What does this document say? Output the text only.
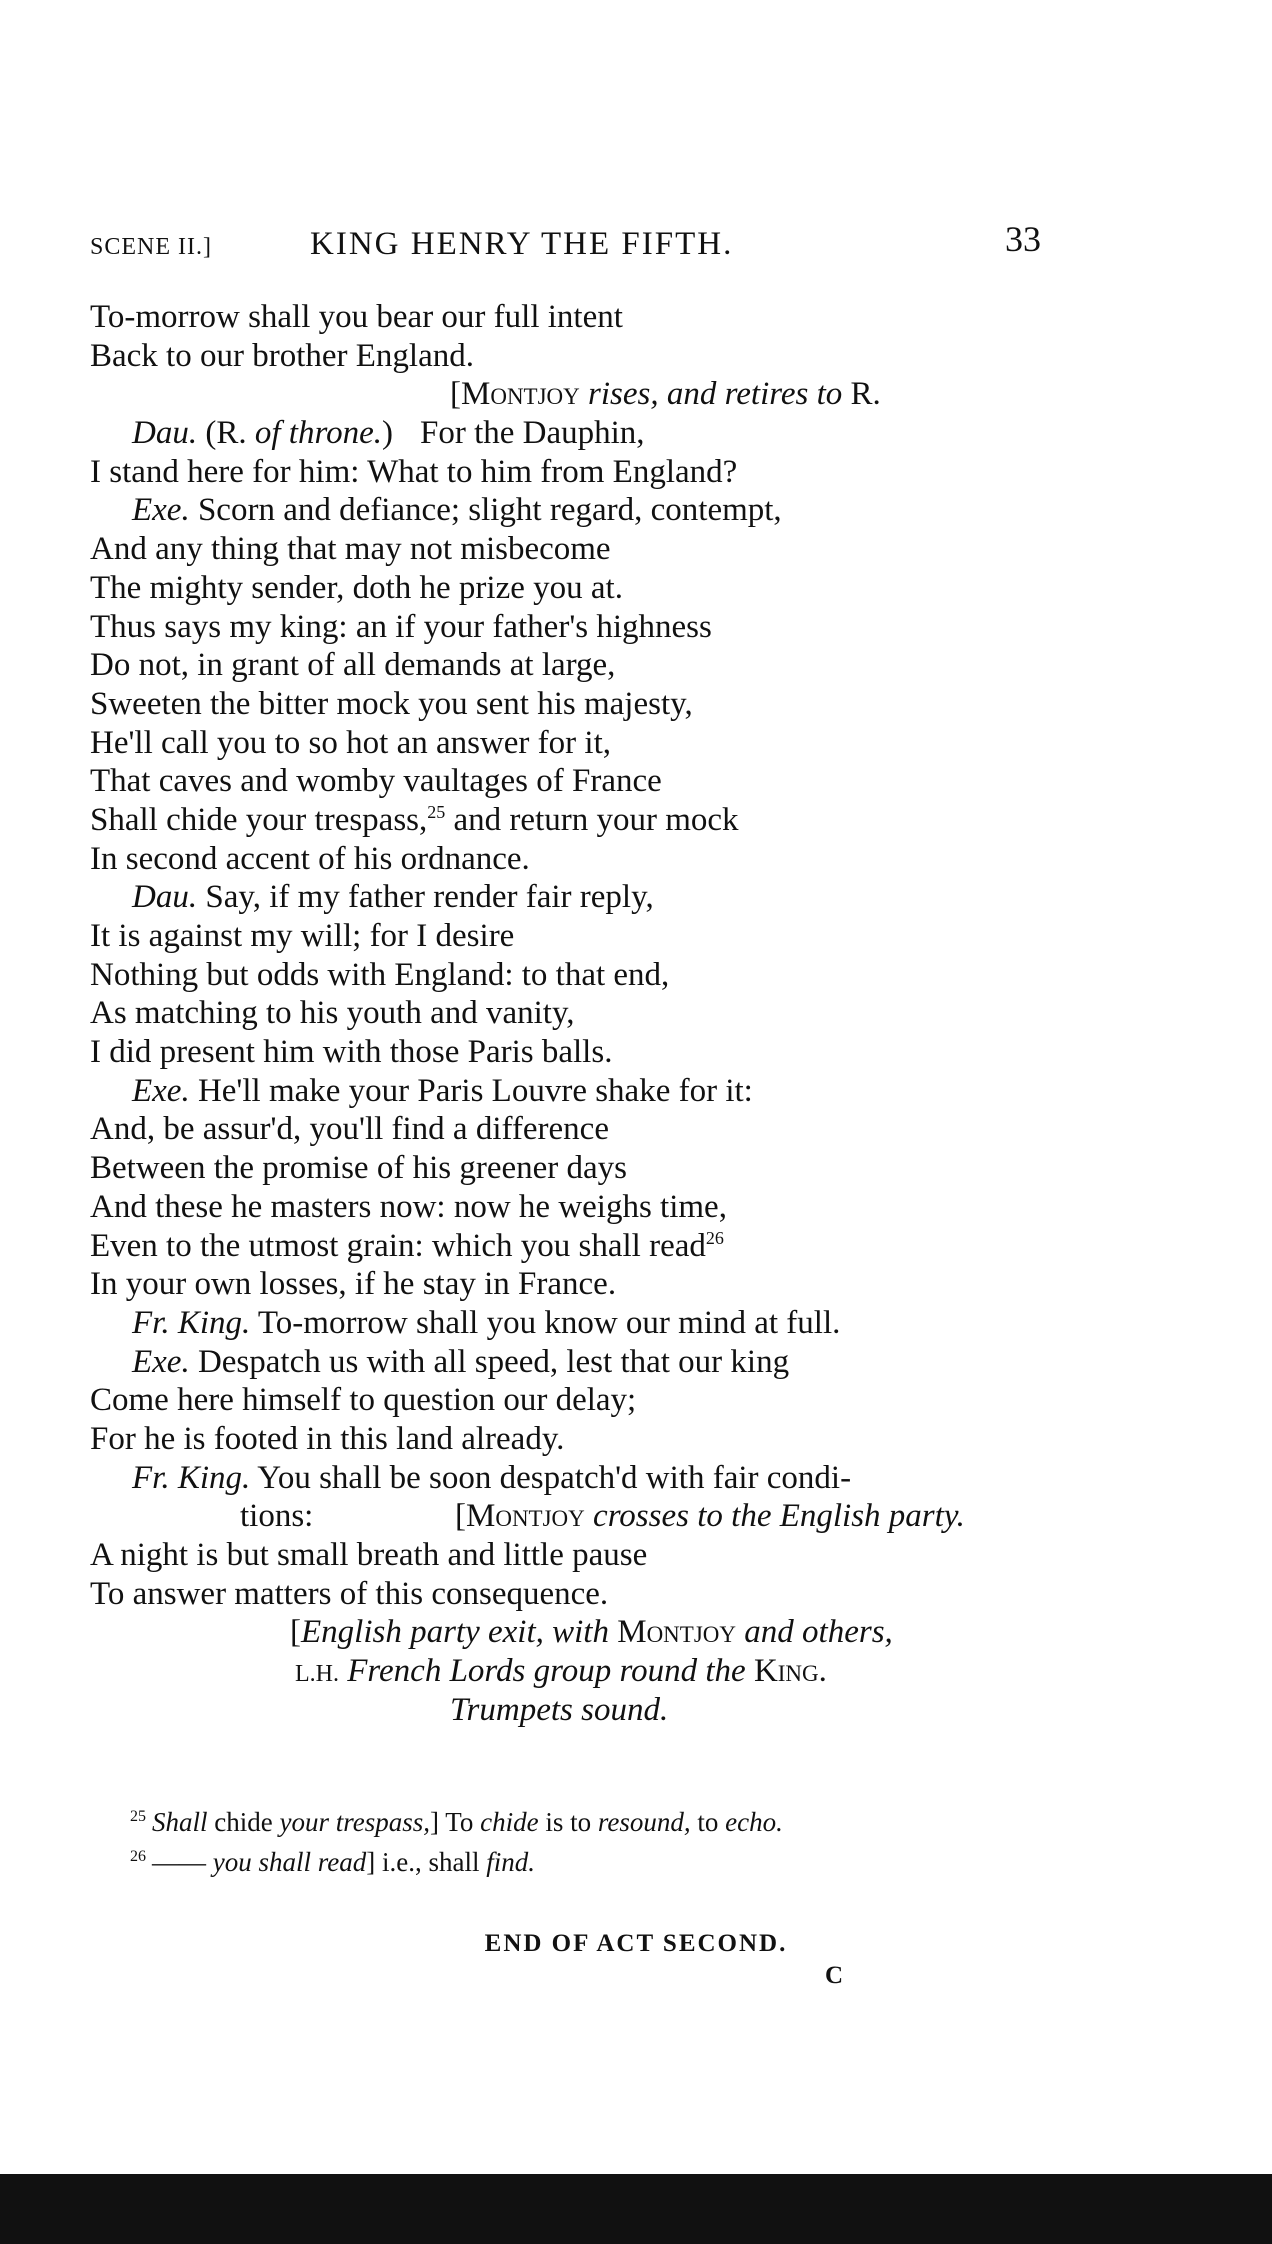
SCENE II.]	KING HENRY THE FIFTH.	33
To-morrow shall you bear our full intent
Back to our brother England.
[Montjoy rises, and retires to R.
Dau. (R. of throne.) For the Dauphin,
I stand here for him: What to him from England?
Exe. Scorn and defiance; slight regard, contempt,
And any thing that may not misbecome
The mighty sender, doth he prize you at.
Thus says my king: an if your father's highness
Do not, in grant of all demands at large,
Sweeten the bitter mock you sent his majesty,
He'll call you to so hot an answer for it,
That caves and womby vaultages of France
Shall chide your trespass,$^{25}$ and return your mock
In second accent of his ordnance.
Dau. Say, if my father render fair reply,
It is against my will; for I desire
Nothing but odds with England: to that end,
As matching to his youth and vanity,
I did present him with those Paris balls.
Exe. He'll make your Paris Louvre shake for it:
And, be assur'd, you'll find a difference
Between the promise of his greener days
And these he masters now: now he weighs time,
Even to the utmost grain: which you shall read$^{26}$
In your own losses, if he stay in France.
Fr. King. To-morrow shall you know our mind at full.
Exe. Despatch us with all speed, lest that our king
Come here himself to question our delay;
For he is footed in this land already.
Fr. King. You shall be soon despatch'd with fair condi-
tions:	[Montjoy crosses to the English party.
A night is but small breath and little pause
To answer matters of this consequence.
[English party exit, with Montjoy and others,
L.H. French Lords group round the King.
Trumpets sound.
$^{25}$ Shall chide your trespass,] To chide is to resound, to echo.
$^{26}$ —— you shall read] i.e., shall find.
END OF ACT SECOND.
C
